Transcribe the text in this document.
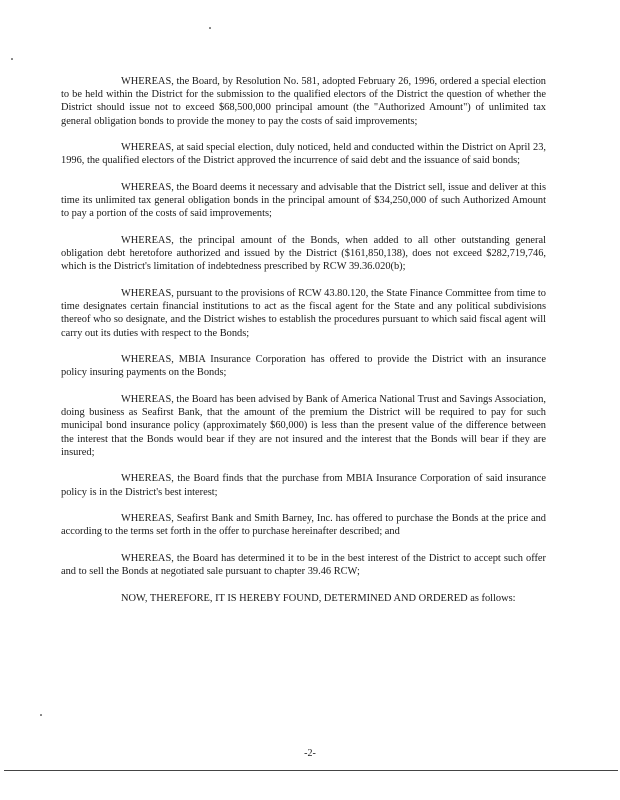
WHEREAS, the Board, by Resolution No. 581, adopted February 26, 1996, ordered a special election to be held within the District for the submission to the qualified electors of the District the question of whether the District should issue not to exceed $68,500,000 principal amount (the "Authorized Amount") of unlimited tax general obligation bonds to provide the money to pay the costs of said improvements;

WHEREAS, at said special election, duly noticed, held and conducted within the District on April 23, 1996, the qualified electors of the District approved the incurrence of said debt and the issuance of said bonds;

WHEREAS, the Board deems it necessary and advisable that the District sell, issue and deliver at this time its unlimited tax general obligation bonds in the principal amount of $34,250,000 of such Authorized Amount to pay a portion of the costs of said improvements;

WHEREAS, the principal amount of the Bonds, when added to all other outstanding general obligation debt heretofore authorized and issued by the District ($161,850,138), does not exceed $282,719,746, which is the District's limitation of indebtedness prescribed by RCW 39.36.020(b);

WHEREAS, pursuant to the provisions of RCW 43.80.120, the State Finance Committee from time to time designates certain financial institutions to act as the fiscal agent for the State and any political subdivisions thereof who so designate, and the District wishes to establish the procedures pursuant to which said fiscal agent will carry out its duties with respect to the Bonds;

WHEREAS, MBIA Insurance Corporation has offered to provide the District with an insurance policy insuring payments on the Bonds;

WHEREAS, the Board has been advised by Bank of America National Trust and Savings Association, doing business as Seafirst Bank, that the amount of the premium the District will be required to pay for such municipal bond insurance policy (approximately $60,000) is less than the present value of the difference between the interest that the Bonds would bear if they are not insured and the interest that the Bonds will bear if they are insured;

WHEREAS, the Board finds that the purchase from MBIA Insurance Corporation of said insurance policy is in the District's best interest;

WHEREAS, Seafirst Bank and Smith Barney, Inc. has offered to purchase the Bonds at the price and according to the terms set forth in the offer to purchase hereinafter described; and

WHEREAS, the Board has determined it to be in the best interest of the District to accept such offer and to sell the Bonds at negotiated sale pursuant to chapter 39.46 RCW;

NOW, THEREFORE, IT IS HEREBY FOUND, DETERMINED AND ORDERED as follows:

-2-
